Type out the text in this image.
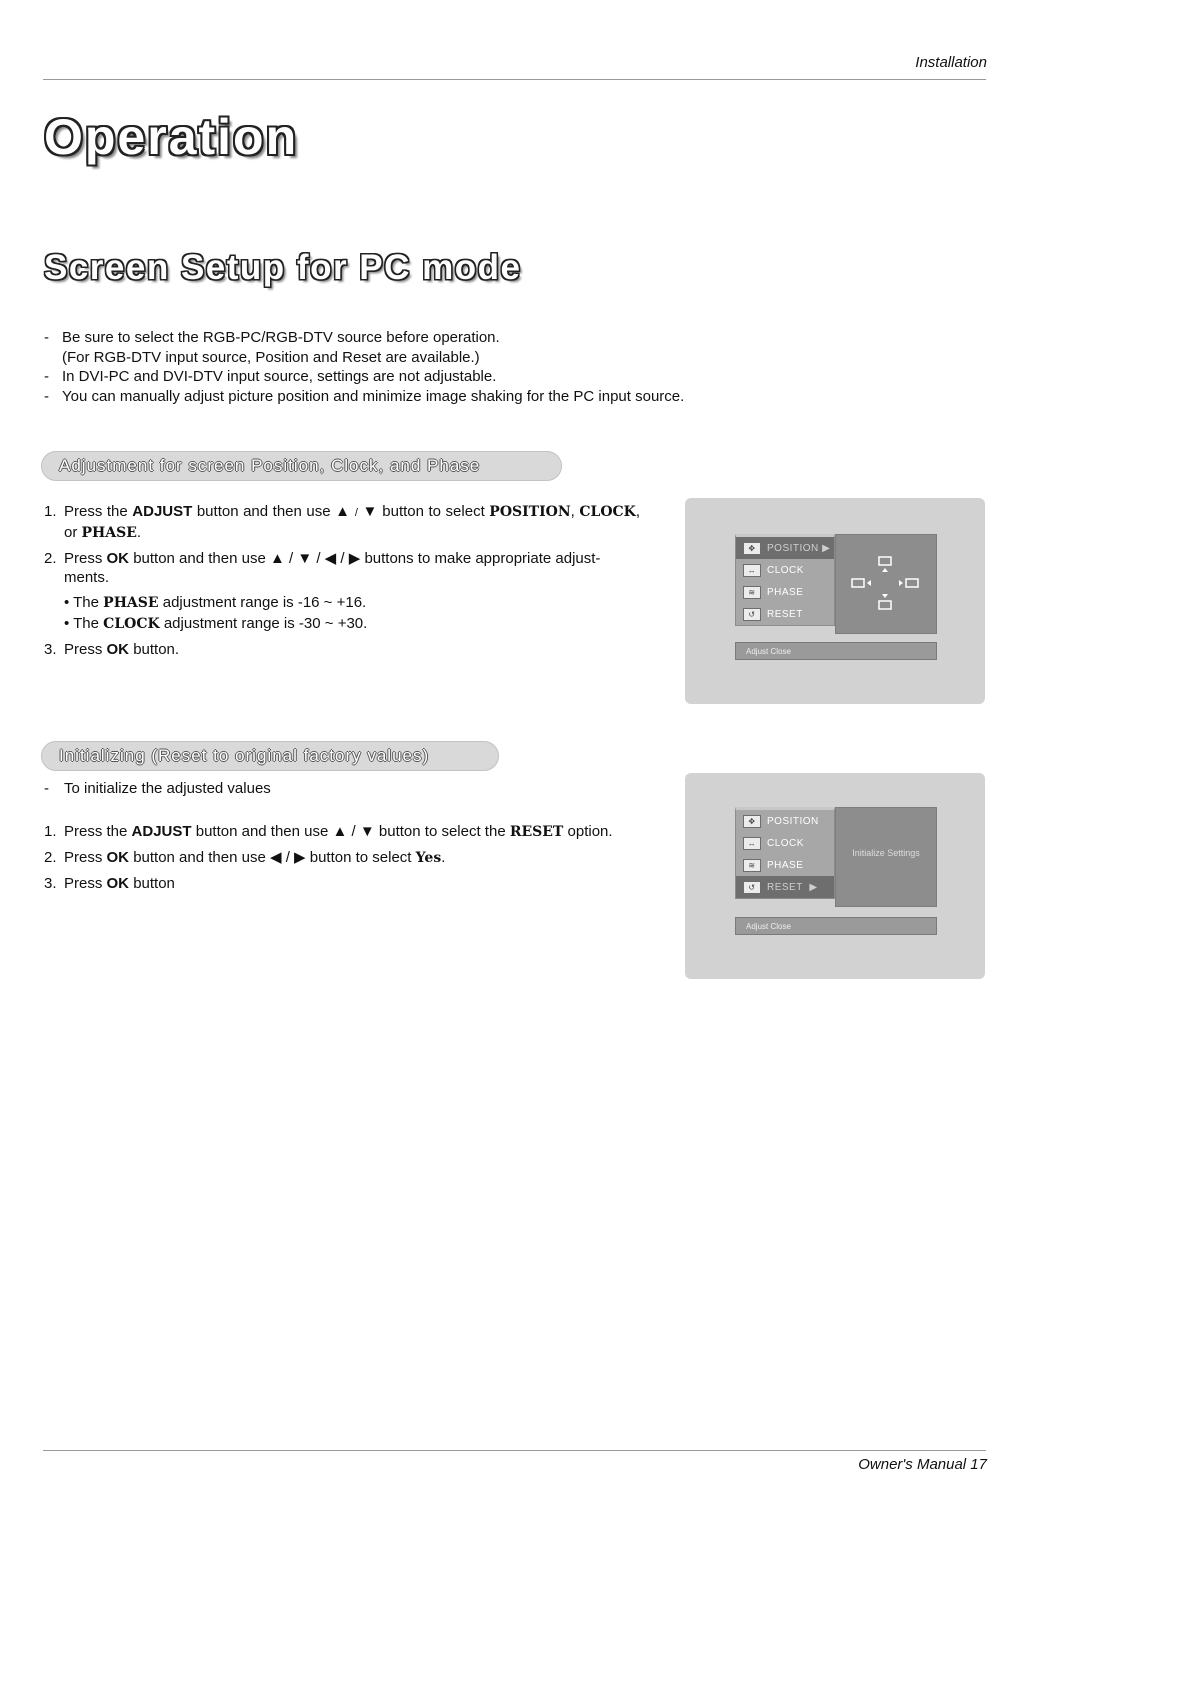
Installation
Operation
Screen Setup for PC mode
- Be sure to select the RGB-PC/RGB-DTV source before operation.
(For RGB-DTV input source, Position and Reset are available.)
- In DVI-PC and DVI-DTV input source, settings are not adjustable.
- You can manually adjust picture position and minimize image shaking for the PC input source.
Adjustment for screen Position, Clock, and Phase
1. Press the ADJUST button and then use ▲ / ▼ button to select POSITION, CLOCK, or PHASE.
2. Press OK button and then use ▲ / ▼ / ◀ / ▶ buttons to make appropriate adjust-ments.
• The PHASE adjustment range is -16 ~ +16.
• The CLOCK adjustment range is -30 ~ +30.
3. Press OK button.
✥	POSITION
▶
↔	CLOCK
≋	PHASE
↺	RESET
Adjust Close
Initializing (Reset to original factory values)
-	To initialize the adjusted values
1. Press the ADJUST button and then use ▲ / ▼ button to select the RESET option.
2. Press OK button and then use ◀ / ▶ button to select Yes.
3. Press OK button
✥	POSITION
↔	CLOCK
≋	PHASE
↺	RESET
▶
Initialize Settings
Adjust Close
Owner's Manual 17
